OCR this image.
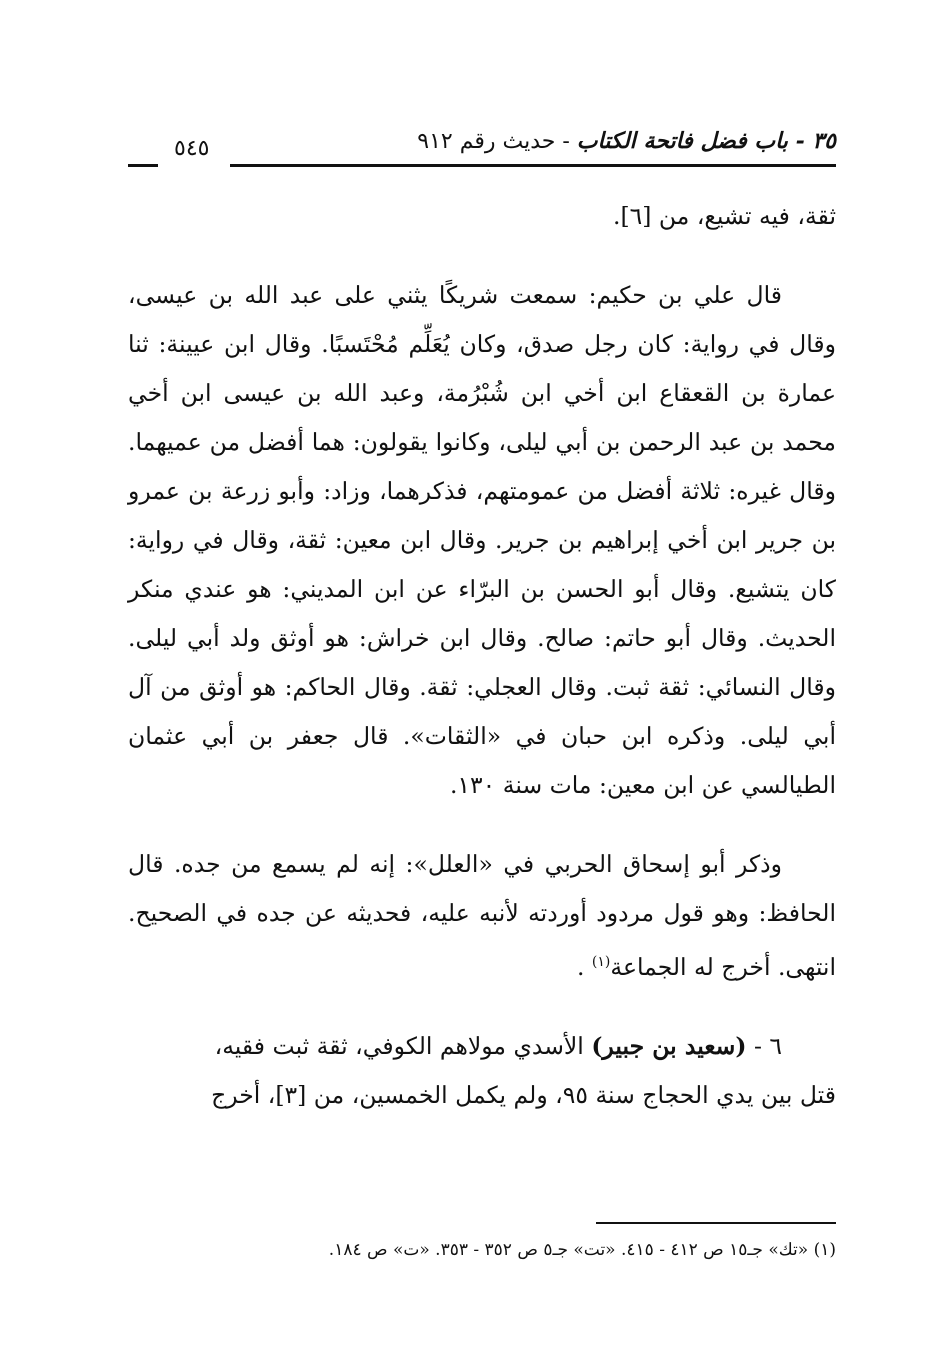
٣٥ - باب فضل فاتحة الكتاب - حديث رقم ٩١٢
٥٤٥

ثقة، فيه تشيع، من [٦].

قال علي بن حكيم: سمعت شريكًا يثني على عبد الله بن عيسى، وقال في رواية: كان رجل صدق، وكان يُعَلِّم مُحْتَسبًا. وقال ابن عيينة: ثنا عمارة بن القعقاع ابن أخي ابن شُبْرُمة، وعبد الله بن عيسى ابن أخي محمد بن عبد الرحمن بن أبي ليلى، وكانوا يقولون: هما أفضل من عميهما. وقال غيره: ثلاثة أفضل من عمومتهم، فذكرهما، وزاد: وأبو زرعة بن عمرو بن جرير ابن أخي إبراهيم بن جرير. وقال ابن معين: ثقة، وقال في رواية: كان يتشيع. وقال أبو الحسن بن البرّاء عن ابن المديني: هو عندي منكر الحديث. وقال أبو حاتم: صالح. وقال ابن خراش: هو أوثق ولد أبي ليلى. وقال النسائي: ثقة ثبت. وقال العجلي: ثقة. وقال الحاكم: هو أوثق من آل أبي ليلى. وذكره ابن حبان في «الثقات». قال جعفر بن أبي عثمان الطيالسي عن ابن معين: مات سنة ١٣٠.

وذكر أبو إسحاق الحربي في «العلل»: إنه لم يسمع من جده. قال الحافظ: وهو قول مردود أوردته لأنبه عليه، فحديثه عن جده في الصحيح. انتهى. أخرج له الجماعة$^{(١)}$ .

٦ - (سعيد بن جبير) الأسدي مولاهم الكوفي، ثقة ثبت فقيه،

قتل بين يدي الحجاج سنة ٩٥، ولم يكمل الخمسين، من [٣]، أخرج

(١) «تك» جـ١٥ ص ٤١٢ - ٤١٥. «تت» جـ٥ ص ٣٥٢ - ٣٥٣. «ت» ص ١٨٤.
